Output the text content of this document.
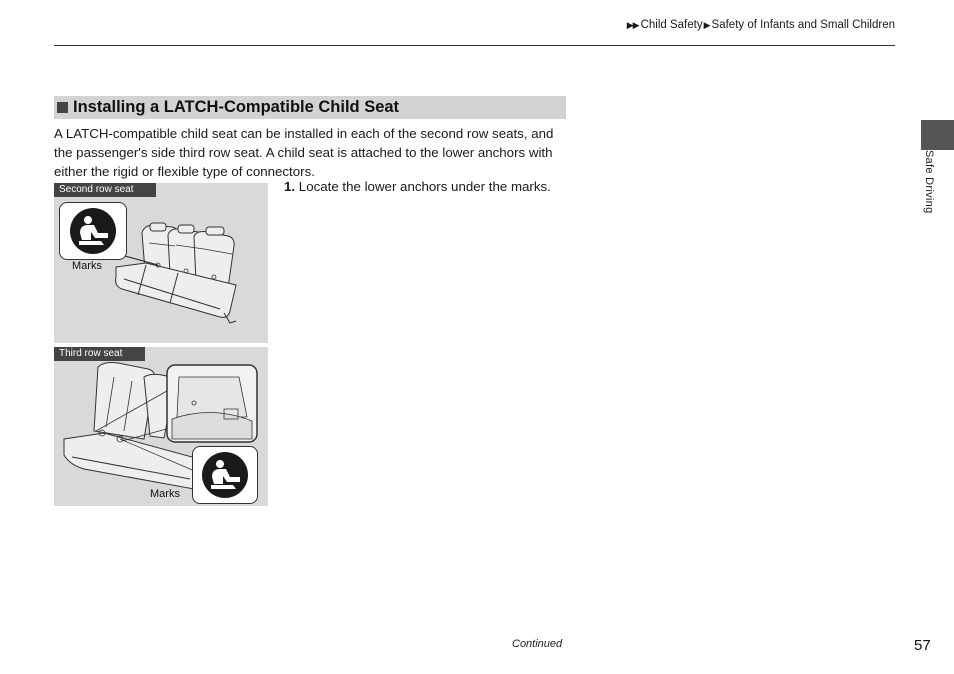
▶▶ Child Safety▶Safety of Infants and Small Children
Installing a LATCH-Compatible Child Seat
A LATCH-compatible child seat can be installed in each of the second row seats, and the passenger's side third row seat. A child seat is attached to the lower anchors with either the rigid or flexible type of connectors.
1. Locate the lower anchors under the marks.
Second row seat
Marks
Third row seat
Marks
Safe Driving
Continued	57
